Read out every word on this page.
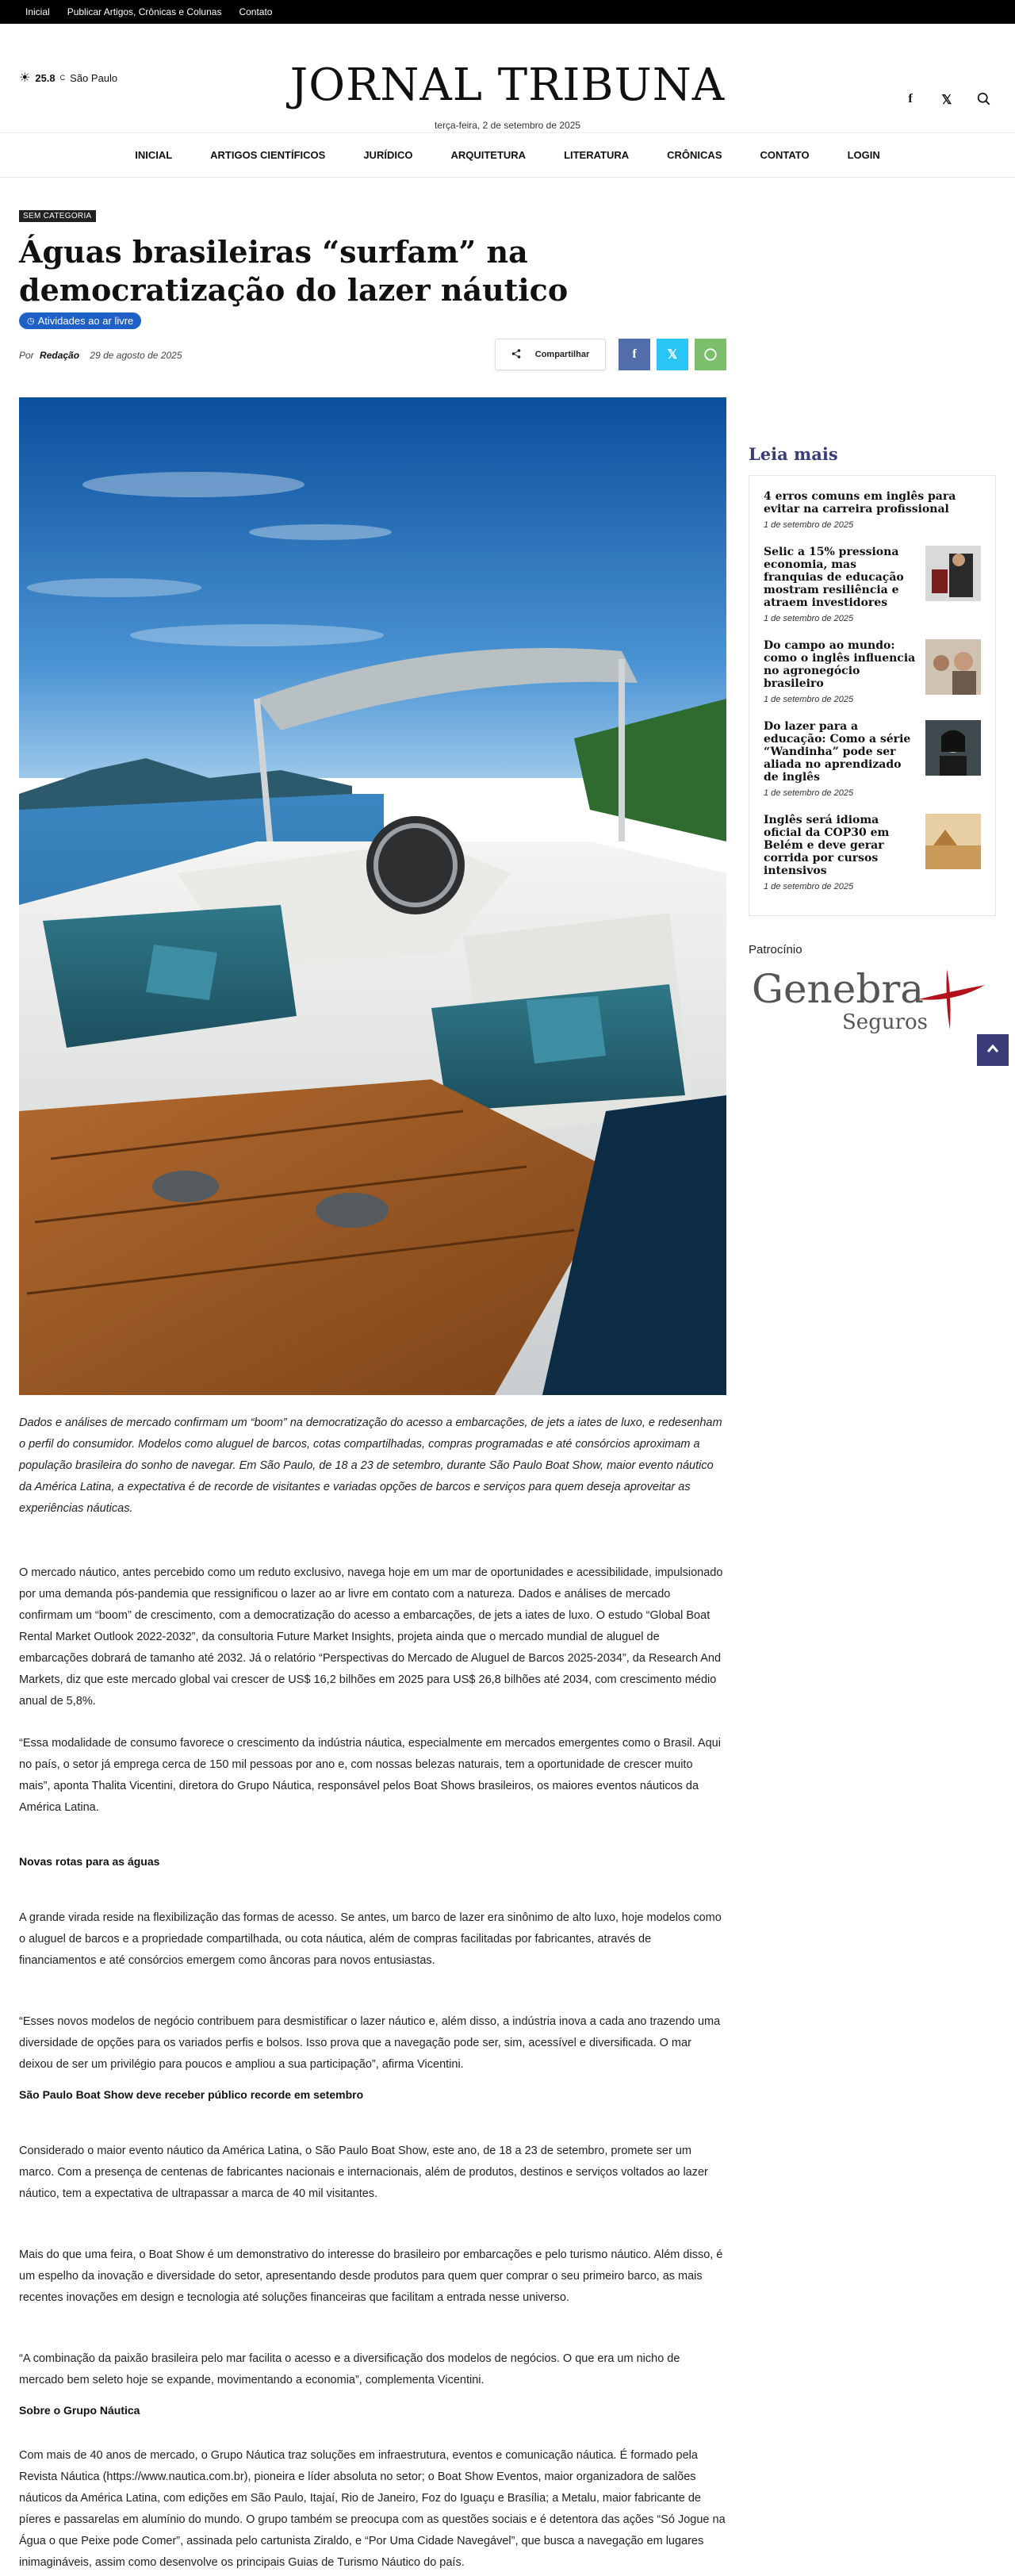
Inicial Publicar Artigos, Crônicas e Colunas Contato
☀ 25.8 C São Paulo	JORNAL TRIBUNA
terça-feira, 2 de setembro de 2025
f	𝕏
INICIAL	ARTIGOS CIENTÍFICOS	JURÍDICO	ARQUITETURA	LITERATURA	CRÔNICAS	CONTATO	LOGIN
SEM CATEGORIA
Águas brasileiras “surfam” na democratização do lazer náutico
◷ Atividades ao ar livre
Por Redação 29 de agosto de 2025	Compartilhar	f	𝕏

Dados e análises de mercado confirmam um “boom” na democratização do acesso a embarcações, de jets a iates de luxo, e redesenham o perfil do consumidor. Modelos como aluguel de barcos, cotas compartilhadas, compras programadas e até consórcios aproximam a população brasileira do sonho de navegar. Em São Paulo, de 18 a 23 de setembro, durante São Paulo Boat Show, maior evento náutico da América Latina, a expectativa é de recorde de visitantes e variadas opções de barcos e serviços para quem deseja aproveitar as experiências náuticas.

O mercado náutico, antes percebido como um reduto exclusivo, navega hoje em um mar de oportunidades e acessibilidade, impulsionado por uma demanda pós-pandemia que ressignificou o lazer ao ar livre em contato com a natureza. Dados e análises de mercado confirmam um “boom” de crescimento, com a democratização do acesso a embarcações, de jets a iates de luxo. O estudo “Global Boat Rental Market Outlook 2022-2032”, da consultoria Future Market Insights, projeta ainda que o mercado mundial de aluguel de embarcações dobrará de tamanho até 2032. Já o relatório “Perspectivas do Mercado de Aluguel de Barcos 2025-2034”, da Research And Markets, diz que este mercado global vai crescer de US$ 16,2 bilhões em 2025 para US$ 26,8 bilhões até 2034, com crescimento médio anual de 5,8%.

“Essa modalidade de consumo favorece o crescimento da indústria náutica, especialmente em mercados emergentes como o Brasil. Aqui no país, o setor já emprega cerca de 150 mil pessoas por ano e, com nossas belezas naturais, tem a oportunidade de crescer muito mais”, aponta Thalita Vicentini, diretora do Grupo Náutica, responsável pelos Boat Shows brasileiros, os maiores eventos náuticos da América Latina.

Novas rotas para as águas

A grande virada reside na flexibilização das formas de acesso. Se antes, um barco de lazer era sinônimo de alto luxo, hoje modelos como o aluguel de barcos e a propriedade compartilhada, ou cota náutica, além de compras facilitadas por fabricantes, através de financiamentos e até consórcios emergem como âncoras para novos entusiastas.

“Esses novos modelos de negócio contribuem para desmistificar o lazer náutico e, além disso, a indústria inova a cada ano trazendo uma diversidade de opções para os variados perfis e bolsos. Isso prova que a navegação pode ser, sim, acessível e diversificada. O mar deixou de ser um privilégio para poucos e ampliou a sua participação”, afirma Vicentini.

São Paulo Boat Show deve receber público recorde em setembro

Considerado o maior evento náutico da América Latina, o São Paulo Boat Show, este ano, de 18 a 23 de setembro, promete ser um marco. Com a presença de centenas de fabricantes nacionais e internacionais, além de produtos, destinos e serviços voltados ao lazer náutico, tem a expectativa de ultrapassar a marca de 40 mil visitantes.

Mais do que uma feira, o Boat Show é um demonstrativo do interesse do brasileiro por embarcações e pelo turismo náutico. Além disso, é um espelho da inovação e diversidade do setor, apresentando desde produtos para quem quer comprar o seu primeiro barco, as mais recentes inovações em design e tecnologia até soluções financeiras que facilitam a entrada nesse universo.

“A combinação da paixão brasileira pelo mar facilita o acesso e a diversificação dos modelos de negócios. O que era um nicho de mercado bem seleto hoje se expande, movimentando a economia”, complementa Vicentini.

Sobre o Grupo Náutica

Com mais de 40 anos de mercado, o Grupo Náutica traz soluções em infraestrutura, eventos e comunicação náutica. É formado pela Revista Náutica (https://www.nautica.com.br), pioneira e líder absoluta no setor; o Boat Show Eventos, maior organizadora de salões náuticos da América Latina, com edições em São Paulo, Itajaí, Rio de Janeiro, Foz do Iguaçu e Brasília; a Metalu, maior fabricante de píeres e passarelas em alumínio do mundo. O grupo também se preocupa com as questões sociais e é detentora das ações “Só Jogue na Água o que Peixe pode Comer”, assinada pelo cartunista Ziraldo, e “Por Uma Cidade Navegável”, que busca a navegação em lugares inimagináveis, assim como desenvolve os principais Guias de Turismo Náutico do país.

Leia mais
4 erros comuns em inglês para evitar na carreira profissional
1 de setembro de 2025
Selic a 15% pressiona economia, mas franquias de educação mostram resiliência e atraem investidores
1 de setembro de 2025
Do campo ao mundo: como o inglês influencia no agronegócio brasileiro
1 de setembro de 2025
Do lazer para a educação: Como a série “Wandinha” pode ser aliada no aprendizado de inglês
1 de setembro de 2025
Inglês será idioma oficial da COP30 em Belém e deve gerar corrida por cursos intensivos
1 de setembro de 2025
Patrocínio
Genebra
Seguros
